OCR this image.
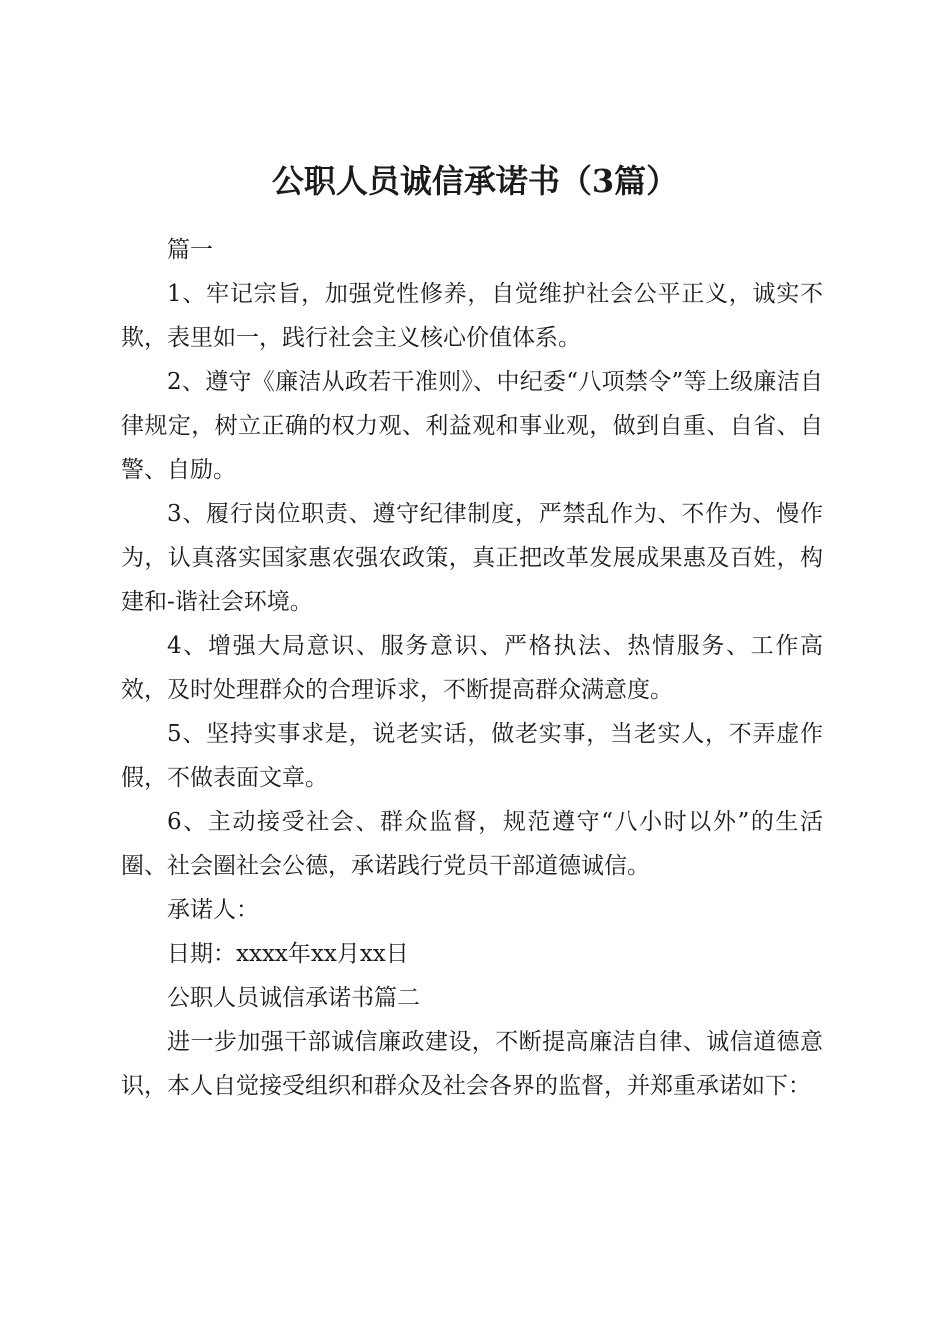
公职人员诚信承诺书（3篇）

篇一

1、牢记宗旨，加强党性修养，自觉维护社会公平正义，诚实不欺，表里如一，践行社会主义核心价值体系。

2、遵守《廉洁从政若干准则》、中纪委“八项禁令”等上级廉洁自律规定，树立正确的权力观、利益观和事业观，做到自重、自省、自警、自励。

3、履行岗位职责、遵守纪律制度，严禁乱作为、不作为、慢作为，认真落实国家惠农强农政策，真正把改革发展成果惠及百姓，构建和-谐社会环境。

4、增强大局意识、服务意识、严格执法、热情服务、工作高效，及时处理群众的合理诉求，不断提高群众满意度。

5、坚持实事求是，说老实话，做老实事，当老实人，不弄虚作假，不做表面文章。

6、主动接受社会、群众监督，规范遵守“八小时以外”的生活圈、社会圈社会公德，承诺践行党员干部道德诚信。

承诺人：

日期：xxxx年xx月xx日

公职人员诚信承诺书篇二

进一步加强干部诚信廉政建设，不断提高廉洁自律、诚信道德意识，本人自觉接受组织和群众及社会各界的监督，并郑重承诺如下：
